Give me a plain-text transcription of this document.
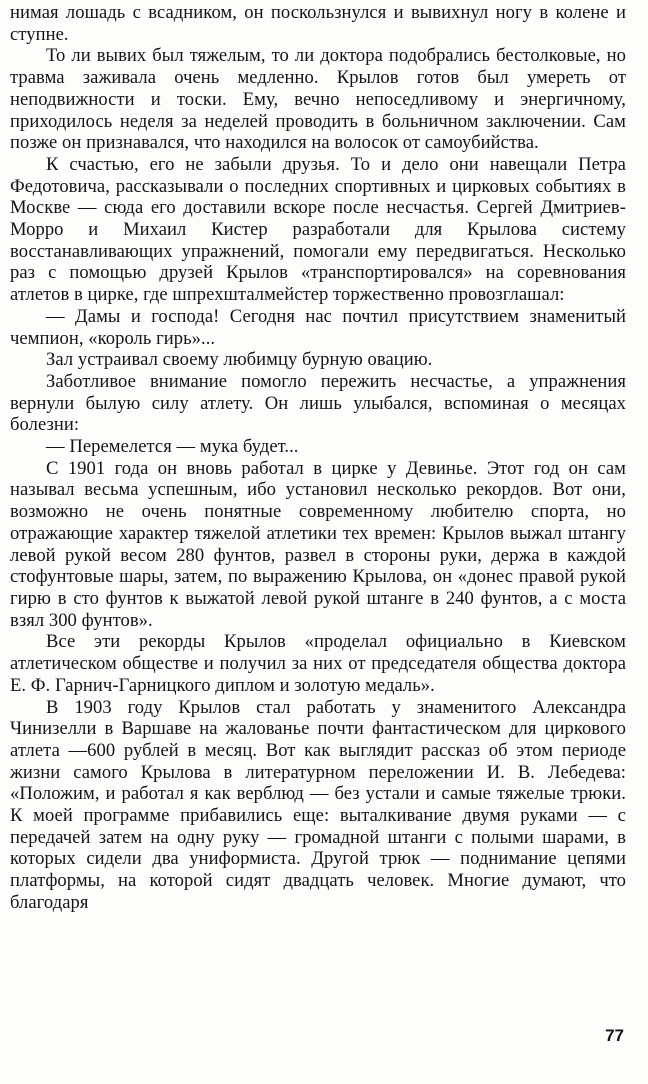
нимая лошадь с всадником, он поскользнулся и вывихнул ногу в колене и ступне.

То ли вывих был тяжелым, то ли доктора подобрались бестолковые, но травма заживала очень медленно. Крылов готов был умереть от неподвижности и тоски. Ему, вечно непоседливому и энергичному, приходилось неделя за неделей проводить в больничном заключении. Сам позже он признавался, что находился на волосок от самоубийства.

К счастью, его не забыли друзья. То и дело они навещали Петра Федотовича, рассказывали о последних спортивных и цирковых событиях в Москве — сюда его доставили вскоре после несчастья. Сергей Дмитриев-Морро и Михаил Кистер разработали для Крылова систему восстанавливающих упражнений, помогали ему передвигаться. Несколько раз с помощью друзей Крылов «транспортировался» на соревнования атлетов в цирке, где шпрехшталмейстер торжественно провозглашал:

— Дамы и господа! Сегодня нас почтил присутствием знаменитый чемпион, «король гирь»...

Зал устраивал своему любимцу бурную овацию.

Заботливое внимание помогло пережить несчастье, а упражнения вернули былую силу атлету. Он лишь улыбался, вспоминая о месяцах болезни:

— Перемелется — мука будет...

С 1901 года он вновь работал в цирке у Девинье. Этот год он сам называл весьма успешным, ибо установил несколько рекордов. Вот они, возможно не очень понятные современному любителю спорта, но отражающие характер тяжелой атлетики тех времен: Крылов выжал штангу левой рукой весом 280 фунтов, развел в стороны руки, держа в каждой стофунтовые шары, затем, по выражению Крылова, он «донес правой рукой гирю в сто фунтов к выжатой левой рукой штанге в 240 фунтов, а с моста взял 300 фунтов».

Все эти рекорды Крылов «проделал официально в Киевском атлетическом обществе и получил за них от председателя общества доктора Е. Ф. Гарнич-Гарницкого диплом и золотую медаль».

В 1903 году Крылов стал работать у знаменитого Александра Чинизелли в Варшаве на жалованье почти фантастическом для циркового атлета —600 рублей в месяц. Вот как выглядит рассказ об этом периоде жизни самого Крылова в литературном переложении И. В. Лебедева: «Положим, и работал я как верблюд — без устали и самые тяжелые трюки. К моей программе прибавились еще: выталкивание двумя руками — с передачей затем на одну руку — громадной штанги с полыми шарами, в которых сидели два униформиста. Другой трюк — поднимание цепями платформы, на которой сидят двадцать человек. Многие думают, что благодаря

77
